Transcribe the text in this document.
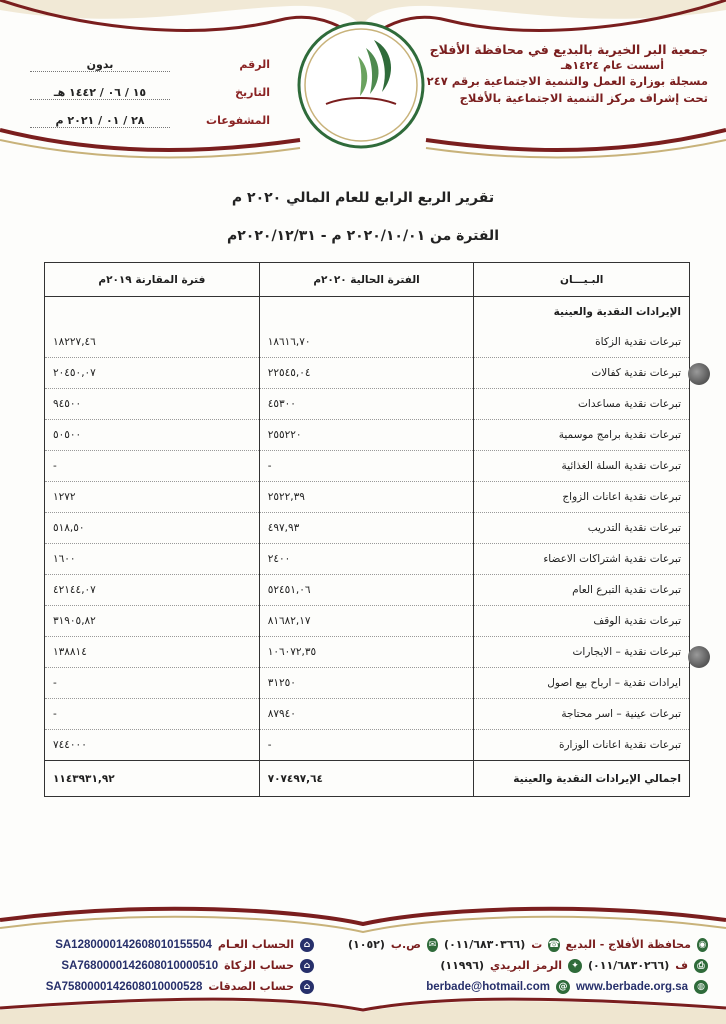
جمعية البر الخيرية بالبديع في محافظة الأفلاج
أسست عام ١٤٢٤هـ
مسجلة بوزارة العمل والتنمية الاجتماعية برقم ٢٤٧
تحت إشراف مركز التنمية الاجتماعية بالأفلاج
الرقم
بدون
التاريخ
١٥ / ٠٦ / ١٤٤٢ هـ
المشفوعات
٢٨ / ٠١ / ٢٠٢١ م
تقرير الربع الرابع للعام المالي ٢٠٢٠ م
الفترة من ٢٠٢٠/١٠/٠١ م - ٢٠٢٠/١٢/٣١م
البـيـــان	الفترة الحالية ٢٠٢٠م	فترة المقارنة ٢٠١٩م
الإيرادات النقدية والعينية		
تبرعات نقدية الزكاة	١٨٦١٦,٧٠	١٨٢٢٧,٤٦
تبرعات نقدية كفالات	٢٢٥٤٥,٠٤	٢٠٤٥٠,٠٧
تبرعات نقدية مساعدات	٤٥٣٠٠	٩٤٥٠٠
تبرعات نقدية برامج موسمية	٢٥٥٢٢٠	٥٠٥٠٠
تبرعات نقدية السلة الغذائية	-	-
تبرعات نقدية اعانات الزواج	٢٥٢٢,٣٩	١٢٧٢
تبرعات نقدية التدريب	٤٩٧,٩٣	٥١٨,٥٠
تبرعات نقدية اشتراكات الاعضاء	٢٤٠٠	١٦٠٠
تبرعات نقدية التبرع العام	٥٢٤٥١,٠٦	٤٢١٤٤,٠٧
تبرعات نقدية الوقف	٨١٦٨٢,١٧	٣١٩٠٥,٨٢
تبرعات نقدية – الايجارات	١٠٦٠٧٢,٣٥	١٣٨٨١٤
ايرادات نقدية – ارباح بيع اصول	٣١٢٥٠	-
تبرعات عينية – اسر محتاجة	٨٧٩٤٠	-
تبرعات نقدية اعانات الوزارة	-	٧٤٤٠٠٠
اجمالي الإيرادات النقدية والعينية	٧٠٧٤٩٧,٦٤	١١٤٣٩٣١,٩٢
◉
محافظة الأفلاج - البديع
☎
ت
(٠١١/٦٨٣٠٣٦٦)
✉
ص.ب
(١٠٥٢)
⎙
ف
(٠١١/٦٨٣٠٢٦٦)
✦
الرمز البريدي
(١١٩٩٦)
◍
www.berbade.org.sa
@
berbade@hotmail.com
⌂
الحساب العـام
SA1280000142608010155504
⌂
حساب الزكاة
SA7680000142608010000510
⌂
حساب الصدقات
SA7580000142608010000528
